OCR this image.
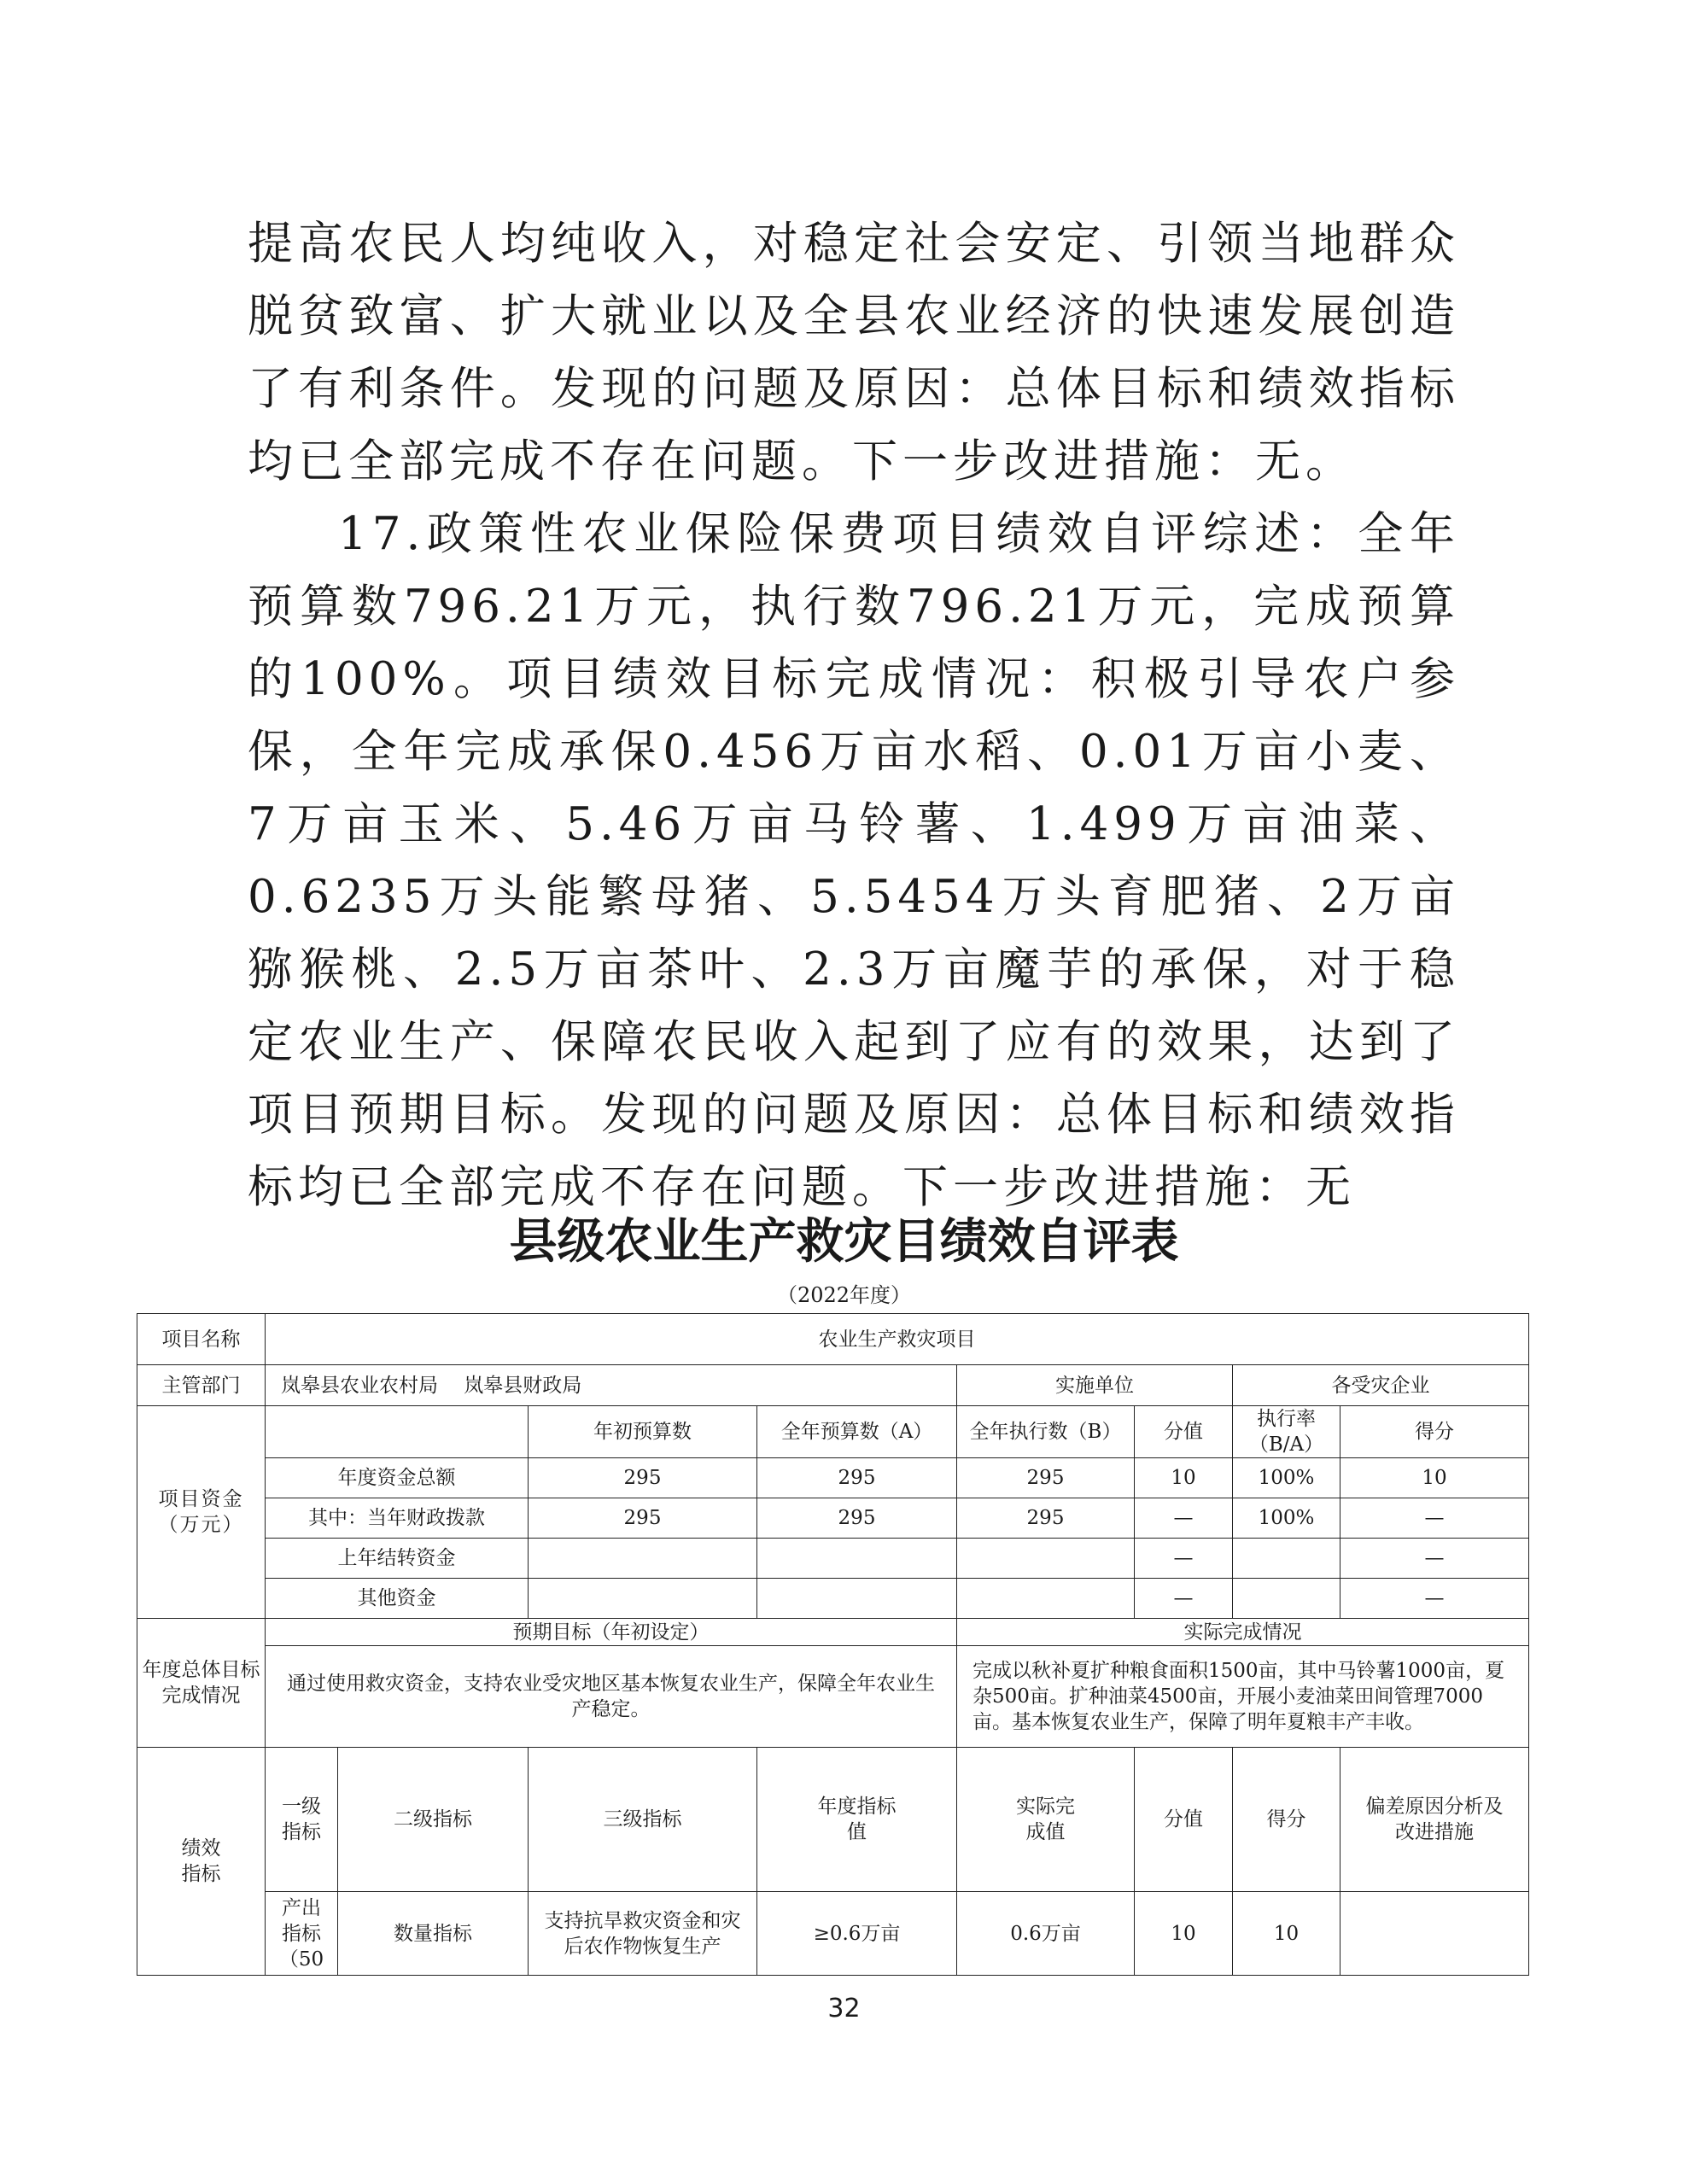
提高农民人均纯收入，对稳定社会安定、引领当地群众脱贫致富、扩大就业以及全县农业经济的快速发展创造了有利条件。发现的问题及原因：总体目标和绩效指标均已全部完成不存在问题。下一步改进措施：无。

17.政策性农业保险保费项目绩效自评综述：全年预算数796.21万元，执行数796.21万元，完成预算的100%。项目绩效目标完成情况：积极引导农户参保，全年完成承保0.456万亩水稻、0.01万亩小麦、7万亩玉米、5.46万亩马铃薯、1.499万亩油菜、0.6235万头能繁母猪、5.5454万头育肥猪、2万亩猕猴桃、2.5万亩茶叶、2.3万亩魔芋的承保，对于稳定农业生产、保障农民收入起到了应有的效果，达到了项目预期目标。发现的问题及原因：总体目标和绩效指标均已全部完成不存在问题。下一步改进措施：无

县级农业生产救灾目绩效自评表
（2022年度）
项目名称	农业生产救灾项目							
主管部门	岚皋县农业农村局　 岚皋县财政局				实施单位		各受灾企业	
项目资金（万元）			年初预算数	全年预算数（A）	全年执行数（B）	分值	执行率（B/A）	得分
	年度资金总额		295	295	295	10	100%	10
	其中：当年财政拨款		295	295	295	—	100%	—
	上年结转资金					—		—
	其他资金					—		—
年度总体目标完成情况	预期目标（年初设定）				实际完成情况			
	通过使用救灾资金，支持农业受灾地区基本恢复农业生产，保障全年农业生产稳定。				完成以秋补夏扩种粮食面积1500亩，其中马铃薯1000亩，夏杂500亩。扩种油菜4500亩，开展小麦油菜田间管理7000亩。基本恢复农业生产，保障了明年夏粮丰产丰收。			
绩效指标	一级指标	二级指标	三级指标	年度指标值	实际完成值	分值	得分	偏差原因分析及改进措施
	产出指标（50	数量指标	支持抗旱救灾资金和灾后农作物恢复生产	≥0.6万亩	0.6万亩	10	10	
32
